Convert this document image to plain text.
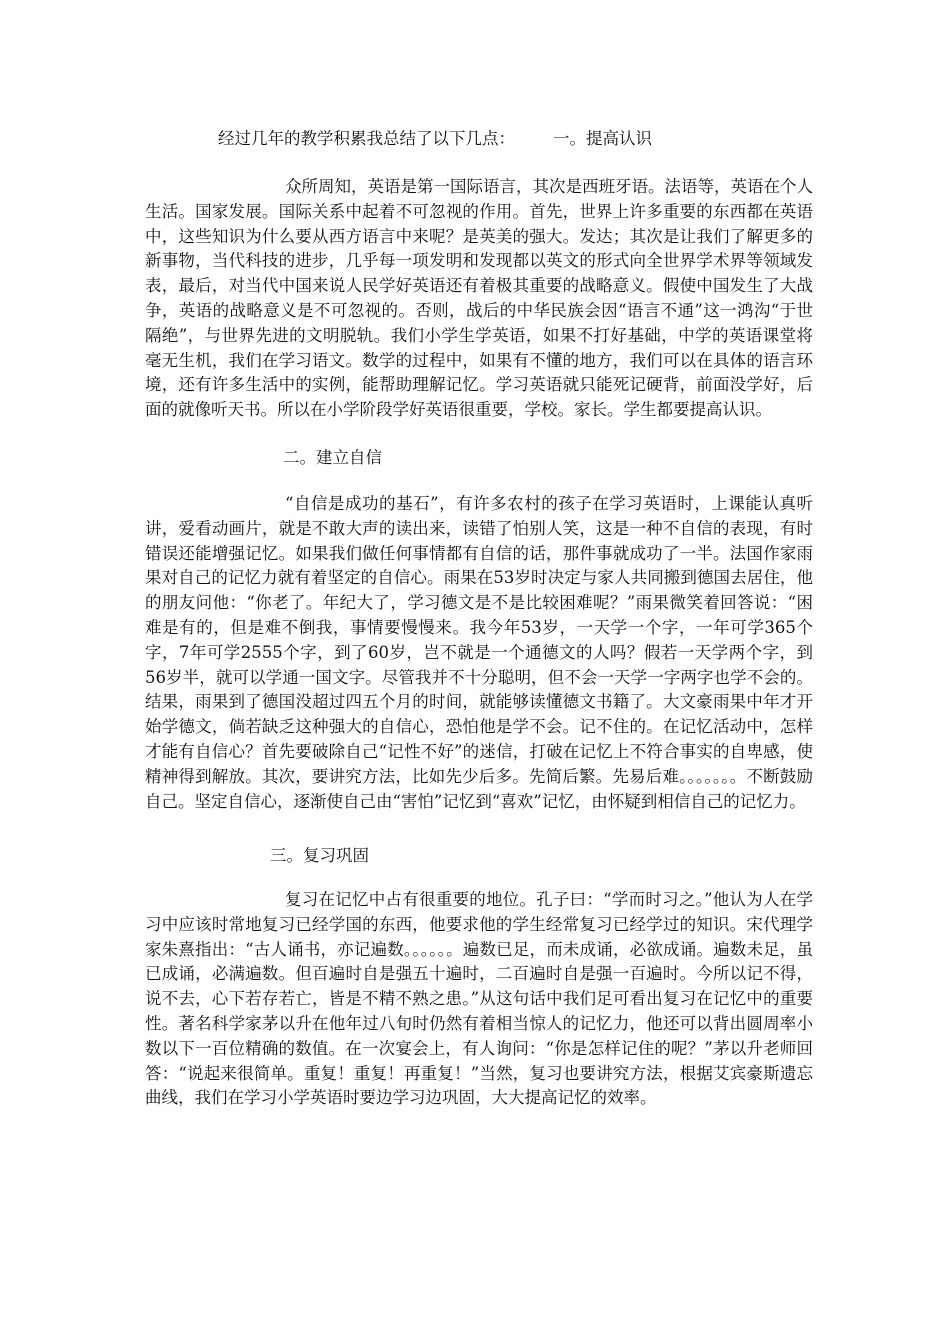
经过几年的教学积累我总结了以下几点： 一。提高认识

众所周知，英语是第一国际语言，其次是西班牙语。法语等，英语在个人生活。国家发展。国际关系中起着不可忽视的作用。首先，世界上许多重要的东西都在英语中，这些知识为什么要从西方语言中来呢？是英美的强大。发达；其次是让我们了解更多的新事物，当代科技的进步，几乎每一项发明和发现都以英文的形式向全世界学术界等领域发表，最后，对当代中国来说人民学好英语还有着极其重要的战略意义。假使中国发生了大战争，英语的战略意义是不可忽视的。否则，战后的中华民族会因“语言不通”这一鸿沟“于世隔绝”，与世界先进的文明脱轨。我们小学生学英语，如果不打好基础，中学的英语课堂将毫无生机，我们在学习语文。数学的过程中，如果有不懂的地方，我们可以在具体的语言环境，还有许多生活中的实例，能帮助理解记忆。学习英语就只能死记硬背，前面没学好，后面的就像听天书。所以在小学阶段学好英语很重要，学校。家长。学生都要提高认识。

二。建立自信

“自信是成功的基石”，有许多农村的孩子在学习英语时，上课能认真听讲，爱看动画片，就是不敢大声的读出来，读错了怕别人笑，这是一种不自信的表现，有时错误还能增强记忆。如果我们做任何事情都有自信的话，那件事就成功了一半。法国作家雨果对自己的记忆力就有着坚定的自信心。雨果在53岁时决定与家人共同搬到德国去居住，他的朋友问他：“你老了。年纪大了，学习德文是不是比较困难呢？”雨果微笑着回答说：“困难是有的，但是难不倒我，事情要慢慢来。我今年53岁，一天学一个字，一年可学365个字，7年可学2555个字，到了60岁，岂不就是一个通德文的人吗？假若一天学两个字，到56岁半，就可以学通一国文字。尽管我并不十分聪明，但不会一天学一字两字也学不会的。结果，雨果到了德国没超过四五个月的时间，就能够读懂德文书籍了。大文豪雨果中年才开始学德文，倘若缺乏这种强大的自信心，恐怕他是学不会。记不住的。在记忆活动中，怎样才能有自信心？首先要破除自己“记性不好”的迷信，打破在记忆上不符合事实的自卑感，使精神得到解放。其次，要讲究方法，比如先少后多。先简后繁。先易后难。。。。。。。不断鼓励自己。坚定自信心，逐渐使自己由“害怕”记忆到“喜欢”记忆，由怀疑到相信自己的记忆力。

三。复习巩固

复习在记忆中占有很重要的地位。孔子曰：“学而时习之。”他认为人在学习中应该时常地复习已经学国的东西，他要求他的学生经常复习已经学过的知识。宋代理学家朱熹指出：“古人诵书，亦记遍数。。。。。。遍数已足，而未成诵，必欲成诵。遍数未足，虽已成诵，必满遍数。但百遍时自是强五十遍时，二百遍时自是强一百遍时。今所以记不得，说不去，心下若存若亡，皆是不精不熟之患。”从这句话中我们足可看出复习在记忆中的重要性。著名科学家茅以升在他年过八旬时仍然有着相当惊人的记忆力，他还可以背出圆周率小数以下一百位精确的数值。在一次宴会上，有人询问：“你是怎样记住的呢？”茅以升老师回答：“说起来很简单。重复！重复！再重复！”当然，复习也要讲究方法，根据艾宾豪斯遗忘曲线，我们在学习小学英语时要边学习边巩固，大大提高记忆的效率。
